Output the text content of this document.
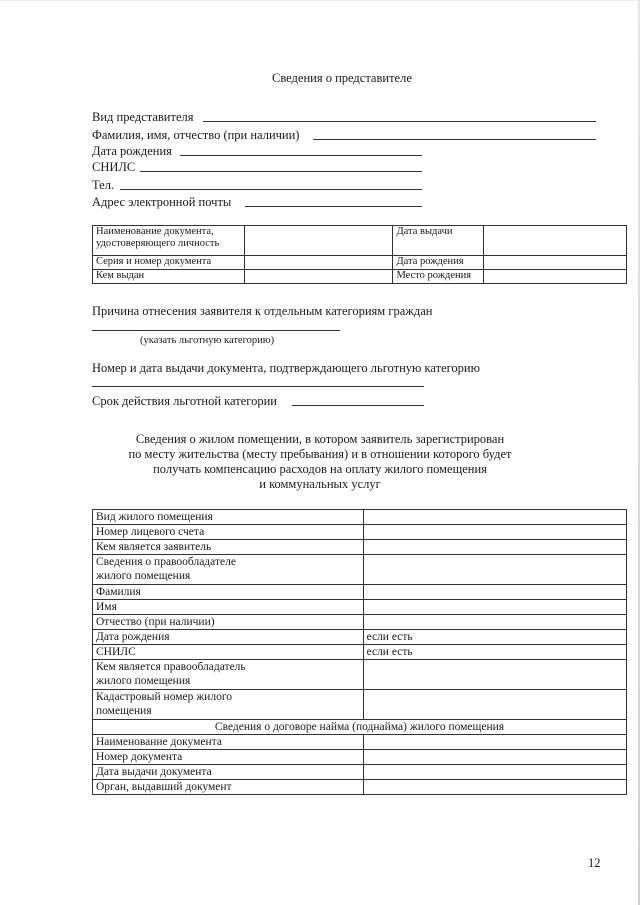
Сведения о представителе
Вид представителя
Фамилия, имя, отчество (при наличии)
Дата рождения
СНИЛС
Тел.
Адрес электронной почты
Наименование документа,
удостоверяющего личность		Дата выдачи	
Серия и номер документа		Дата рождения	
Кем выдан		Место рождения	
Причина отнесения заявителя к отдельным категориям граждан
(указать льготную категорию)
Номер и дата выдачи документа, подтверждающего льготную категорию
Срок действия льготной категории
Сведения о жилом помещении, в котором заявитель зарегистрирован
по месту жительства (месту пребывания) и в отношении которого будет
получать компенсацию расходов на оплату жилого помещения
и коммунальных услуг
Вид жилого помещения	
Номер лицевого счета	
Кем является заявитель	

Сведения о правообладателе
жилого помещения	

Фамилия	
Имя	
Отчество (при наличии)	
Дата рождения	если есть
СНИЛС	если есть

Кем является правообладатель
жилого помещения	

Кадастровый номер жилого
помещения	

Сведения о договоре найма (поднайма) жилого помещения	
Наименование документа	
Номер документа	
Дата выдачи документа	
Орган, выдавший документ	
12
